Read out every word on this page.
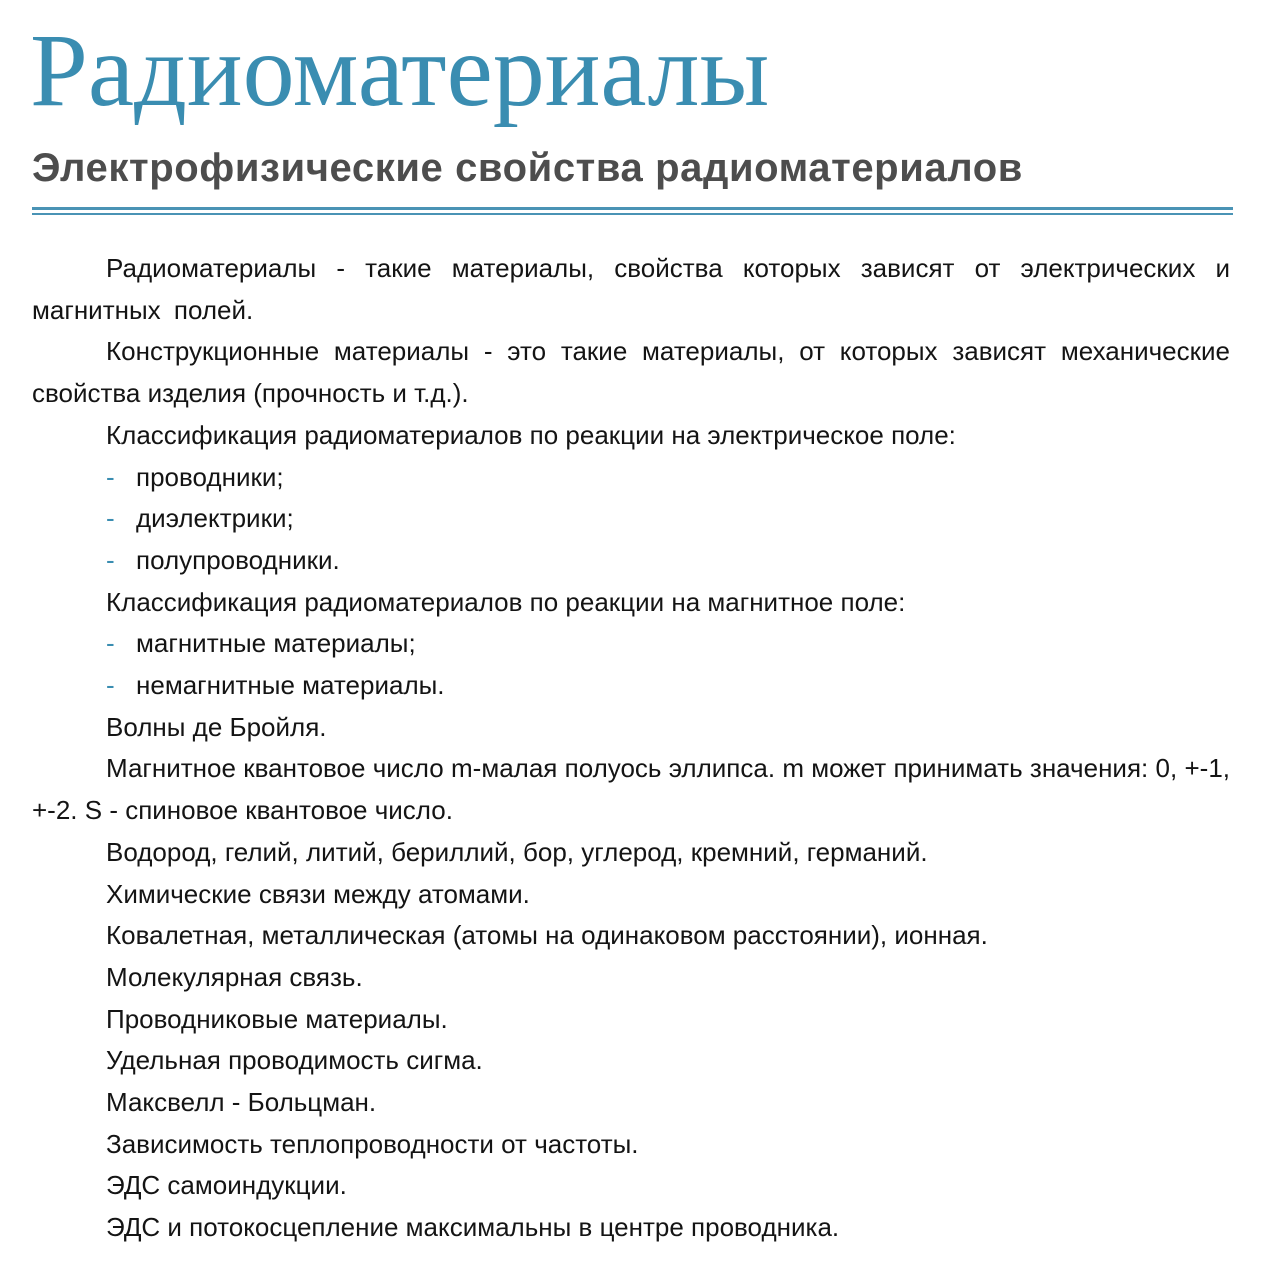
Радиоматериалы
Электрофизические свойства радиоматериалов

Радиоматериалы - такие материалы, свойства которых зависят от электрических и магнитных полей.

Конструкционные материалы - это такие материалы, от которых зависят механические свойства изделия (прочность и т.д.).

Классификация радиоматериалов по реакции на электрическое поле:

- проводники;
- диэлектрики;
- полупроводники.

Классификация радиоматериалов по реакции на магнитное поле:

- магнитные материалы;
- немагнитные материалы.

Волны де Бройля.

Магнитное квантовое число m-малая полуось эллипса. m может принимать значения: 0, +-1, +-2. S - спиновое квантовое число.

Водород, гелий, литий, бериллий, бор, углерод, кремний, германий.

Химические связи между атомами.

Ковалетная, металлическая (атомы на одинаковом расстоянии), ионная.

Молекулярная связь.

Проводниковые материалы.

Удельная проводимость сигма.

Максвелл - Больцман.

Зависимость теплопроводности от частоты.

ЭДС самоиндукции.

ЭДС и потокосцепление максимальны в центре проводника.
